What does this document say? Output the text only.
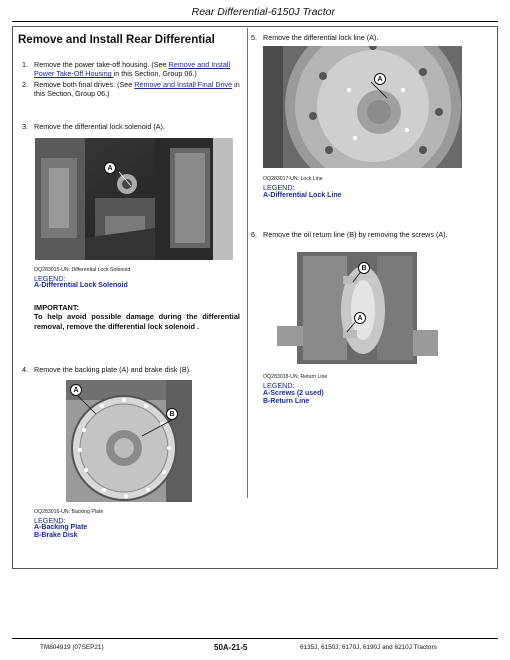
Rear Differential-6150J Tractor
Remove and Install Rear Differential
1. Remove the power take-off housing. (See Remove and Install Power Take-Off Housing in this Section, Group 06.)
2. Remove both final drives. (See Remove and Install Final Drive in this Section, Group 06.)
3. Remove the differential lock solenoid (A).
A
OQ283015-UN: Differential Lock Solenoid
LEGEND:
A-Differential Lock Solenoid
IMPORTANT:
To help avoid possible damage during the differential removal, remove the differential lock solenoid .
4. Remove the backing plate (A) and brake disk (B).
A
B
OQ283016-UN: Backing Plate
LEGEND:
A-Backing Plate
B-Brake Disk
5. Remove the differential lock line (A).
A
OQ283017-UN: Lock Line
LEGEND:
A-Differential Lock Line
6. Remove the oil return line (B) by removing the screws (A).
B
A
OQ283018-UN: Return Line
LEGEND:
A-Screws (2 used)
B-Return Line
TM804919 (07SEP21)	50A-21-5	6135J, 6150J, 6170J, 6190J and 6210J Tractors
